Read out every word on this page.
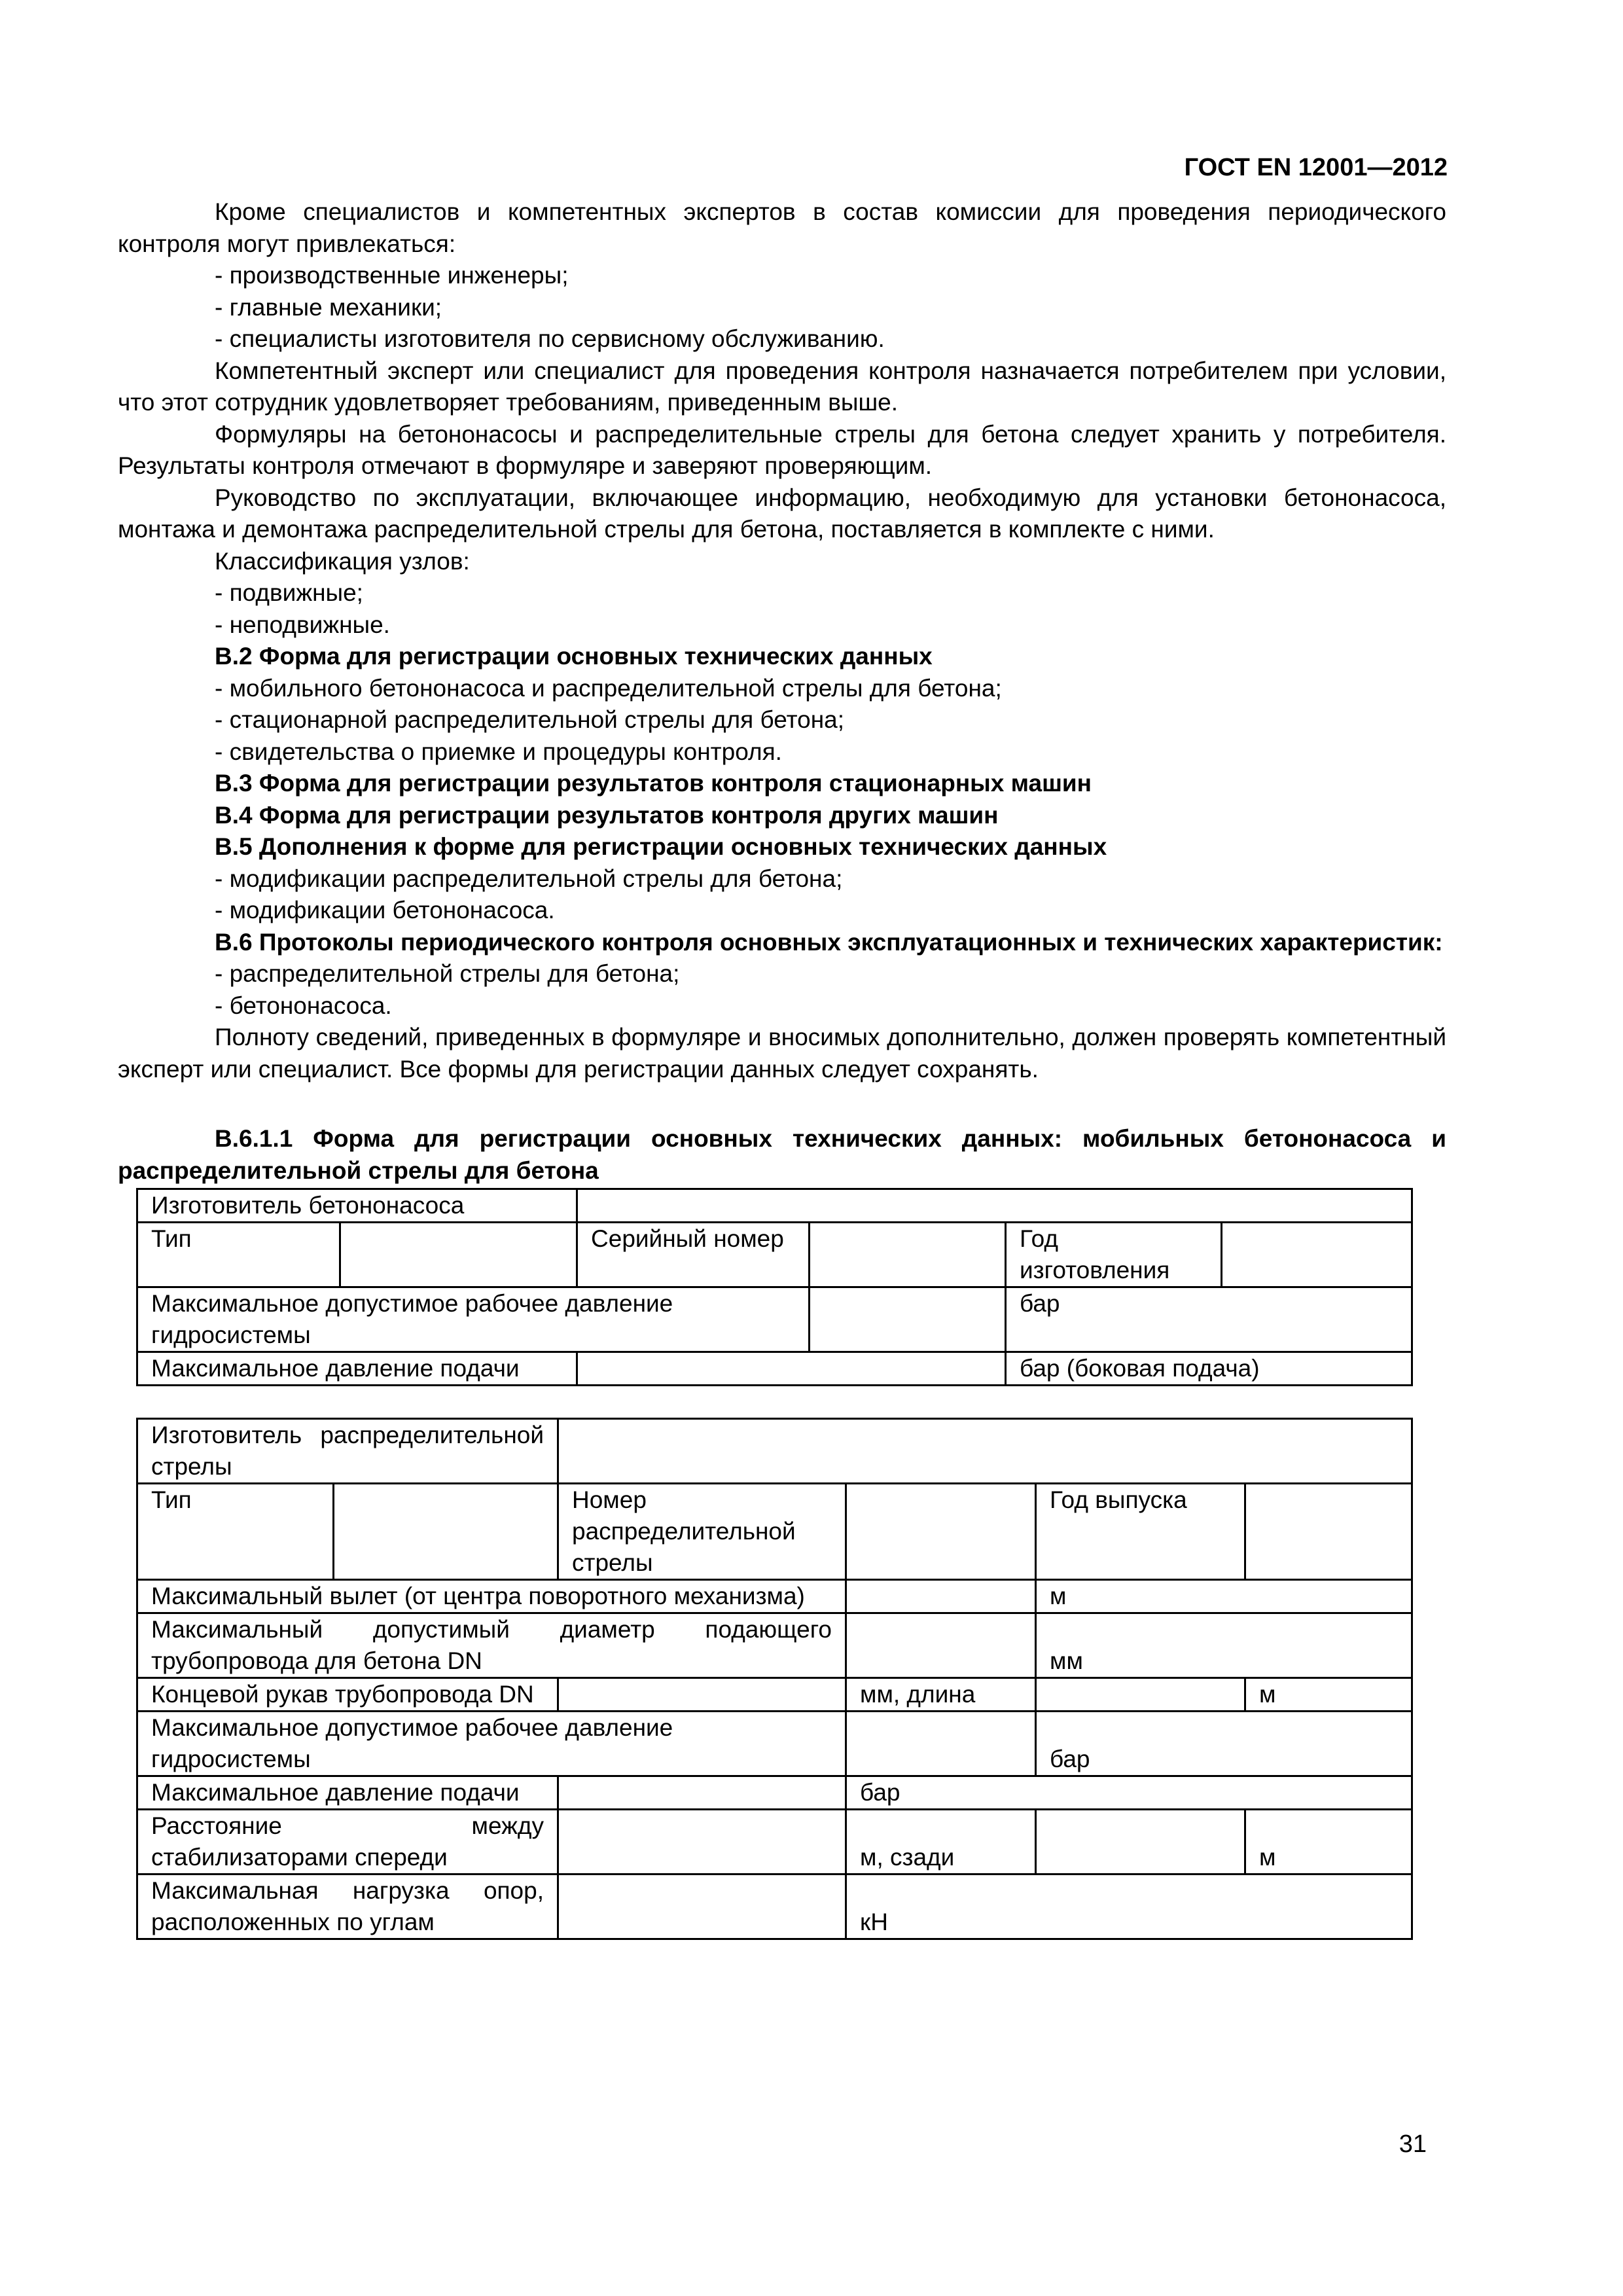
ГОСТ EN 12001—2012

Кроме специалистов и компетентных экспертов в состав комиссии для проведения периодического контроля могут привлекаться:

- производственные инженеры;

- главные механики;

- специалисты изготовителя по сервисному обслуживанию.

Компетентный эксперт или специалист для проведения контроля назначается потребителем при условии, что этот сотрудник удовлетворяет требованиям, приведенным выше.

Формуляры на бетононасосы и распределительные стрелы для бетона следует хранить у потребителя. Результаты контроля отмечают в формуляре и заверяют проверяющим.

Руководство по эксплуатации, включающее информацию, необходимую для установки бетононасоса, монтажа и демонтажа распределительной стрелы для бетона, поставляется в комплекте с ними.

Классификация узлов:

- подвижные;

- неподвижные.

В.2 Форма для регистрации основных технических данных

- мобильного бетононасоса и распределительной стрелы для бетона;

- стационарной распределительной стрелы для бетона;

- свидетельства о приемке и процедуры контроля.

В.3 Форма для регистрации результатов контроля стационарных машин

В.4 Форма для регистрации результатов контроля других машин

В.5 Дополнения к форме для регистрации основных технических данных

- модификации распределительной стрелы для бетона;

- модификации бетононасоса.

В.6 Протоколы периодического контроля основных эксплуатационных и технических характеристик:

- распределительной стрелы для бетона;

- бетононасоса.

Полноту сведений, приведенных в формуляре и вносимых дополнительно, должен проверять компетентный эксперт или специалист. Все формы для регистрации данных следует сохранять.

В.6.1.1 Форма для регистрации основных технических данных: мобильных бетононасоса и распределительной стрелы для бетона

Изготовитель бетононасоса					
Тип		Серийный номер		Год изготовления	
Максимальное допустимое рабочее давление гидросистемы				бар	
Максимальное давление подачи				бар (боковая подача)	
Изготовитель распределительной стрелы					
Тип		Номер распределительной стрелы		Год выпуска	
Максимальный вылет (от центра поворотного механизма)				м	
Максимальный допустимый диаметр подающего трубопровода для бетона DN				мм	
Концевой рукав трубопровода DN			мм, длина		м
Максимальное допустимое рабочее давление гидросистемы				бар	
Максимальное давление подачи			бар		
Расстояние между стабилизаторами спереди			м, сзади		м
Максимальная нагрузка опор, расположенных по углам			кН		
31
